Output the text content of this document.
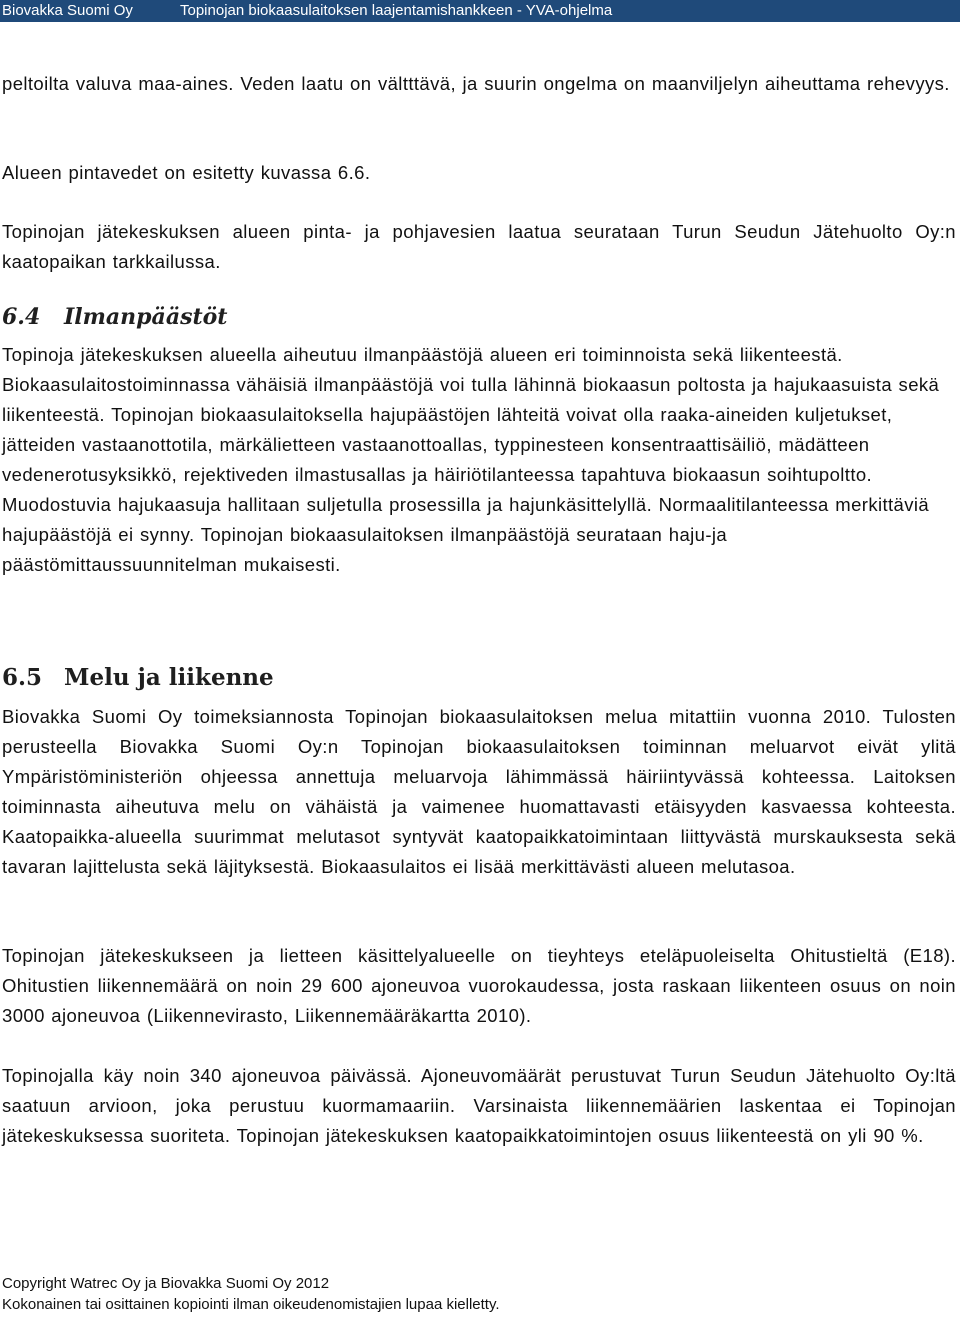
Biovakka Suomi Oy	Topinojan biokaasulaitoksen laajentamishankkeen - YVA-ohjelma

peltoilta valuva maa-aines. Veden laatu on vältttävä, ja suurin ongelma on maanviljelyn aiheuttama rehevyys.

Alueen pintavedet on esitetty kuvassa 6.6.

Topinojan jätekeskuksen alueen pinta- ja pohjavesien laatua seurataan Turun Seudun Jätehuolto Oy:n kaatopaikan tarkkailussa.

6.4 Ilmanpäästöt

Topinoja jätekeskuksen alueella aiheutuu ilmanpäästöjä alueen eri toiminnoista sekä liikenteestä. Biokaasulaitostoiminnassa vähäisiä ilmanpäästöjä voi tulla lähinnä biokaasun poltosta ja hajukaasuista sekä liikenteestä. Topinojan biokaasulaitoksella hajupäästöjen lähteitä voivat olla raaka-aineiden kuljetukset, jätteiden vastaanottotila, märkälietteen vastaanottoallas, typpinesteen konsentraattisäiliö, mädätteen vedenerotusyksikkö, rejektiveden ilmastusallas ja häiriötilanteessa tapahtuva biokaasun soihtupoltto. Muodostuvia hajukaasuja hallitaan suljetulla prosessilla ja hajunkäsittelyllä. Normaalitilanteessa merkittäviä hajupäästöjä ei synny. Topinojan biokaasulaitoksen ilmanpäästöjä seurataan haju-ja päästömittaussuunnitelman mukaisesti.

6.5 Melu ja liikenne

Biovakka Suomi Oy toimeksiannosta Topinojan biokaasulaitoksen melua mitattiin vuonna 2010. Tulosten perusteella Biovakka Suomi Oy:n Topinojan biokaasulaitoksen toiminnan meluarvot eivät ylitä Ympäristöministeriön ohjeessa annettuja meluarvoja lähimmässä häiriintyvässä kohteessa. Laitoksen toiminnasta aiheutuva melu on vähäistä ja vaimenee huomattavasti etäisyyden kasvaessa kohteesta. Kaatopaikka-alueella suurimmat melutasot syntyvät kaatopaikkatoimintaan liittyvästä murskauksesta sekä tavaran lajittelusta sekä läjityksestä. Biokaasulaitos ei lisää merkittävästi alueen melutasoa.

Topinojan jätekeskukseen ja lietteen käsittelyalueelle on tieyhteys eteläpuoleiselta Ohitustieltä (E18). Ohitustien liikennemäärä on noin 29 600 ajoneuvoa vuorokaudessa, josta raskaan liikenteen osuus on noin 3000 ajoneuvoa (Liikennevirasto, Liikennemääräkartta 2010).

Topinojalla käy noin 340 ajoneuvoa päivässä. Ajoneuvomäärät perustuvat Turun Seudun Jätehuolto Oy:ltä saatuun arvioon, joka perustuu kuormamaariin. Varsinaista liikennemäärien laskentaa ei Topinojan jätekeskuksessa suoriteta. Topinojan jätekeskuksen kaatopaikkatoimintojen osuus liikenteestä on yli 90 %.

Copyright Watrec Oy ja Biovakka Suomi Oy 2012
Kokonainen tai osittainen kopiointi ilman oikeudenomistajien lupaa kielletty.
